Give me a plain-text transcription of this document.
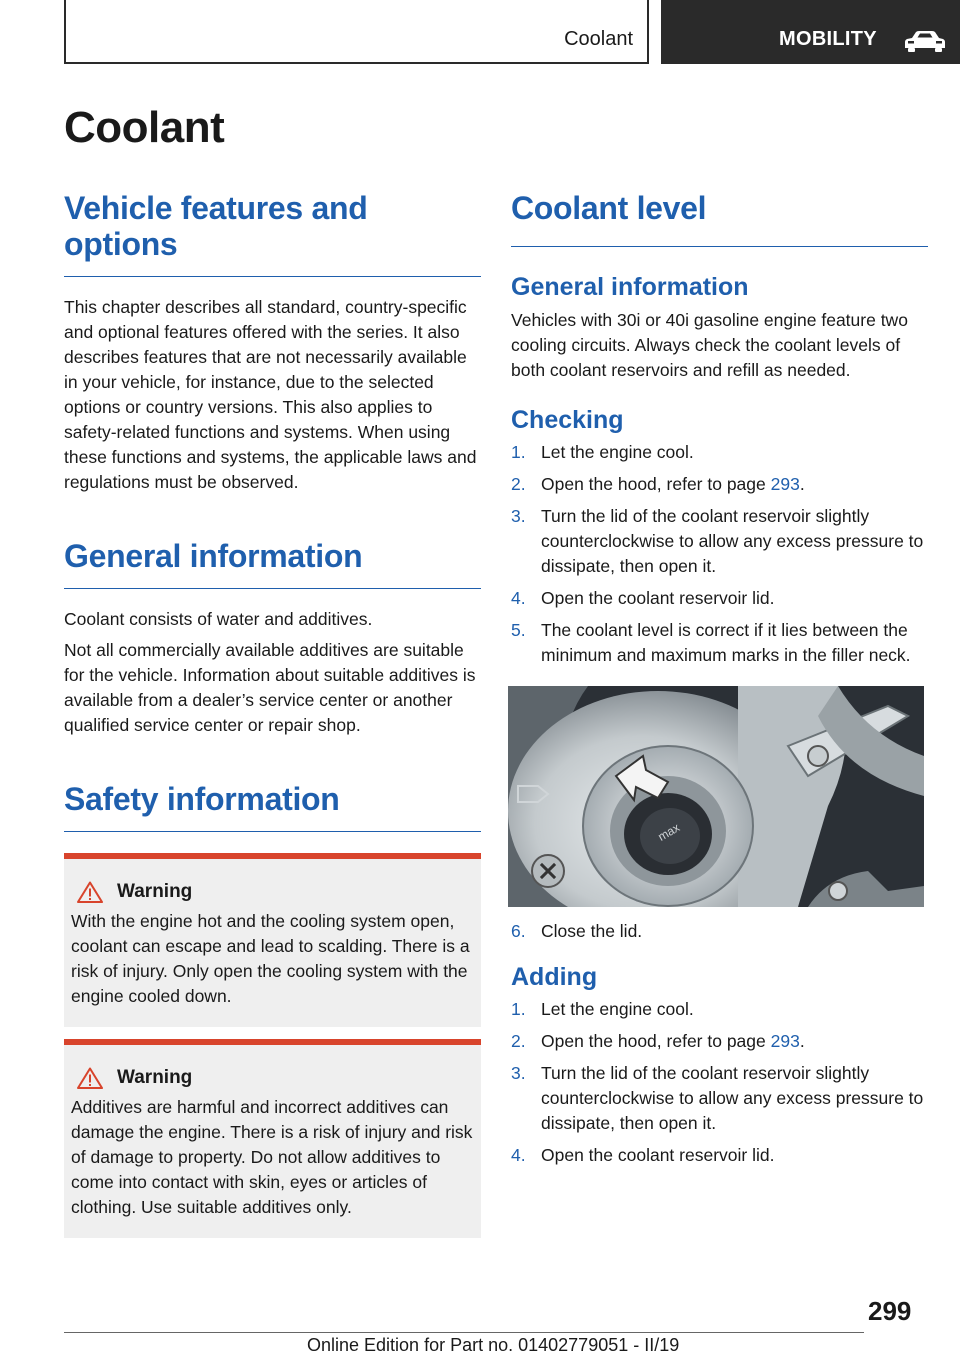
Coolant	MOBILITY
Coolant
Vehicle features and
options

This chapter describes all standard, country-specific and optional features offered with the series. It also describes features that are not necessarily available in your vehicle, for instance, due to the selected options or country versions. This also applies to safety-related functions and systems. When using these functions and systems, the applicable laws and regulations must be observed.

General information

Coolant consists of water and additives.

Not all commercially available additives are suitable for the vehicle. Information about suitable additives is available from a dealer’s service center or another qualified service center or repair shop.

Safety information
Warning

With the engine hot and the cooling system open, coolant can escape and lead to scalding. There is a risk of injury. Only open the cooling system with the engine cooled down.

Warning

Additives are harmful and incorrect additives can damage the engine. There is a risk of injury and risk of damage to property. Do not allow additives to come into contact with skin, eyes or articles of clothing. Use suitable additives only.

Coolant level
General information

Vehicles with 30i or 40i gasoline engine feature two cooling circuits. Always check the coolant levels of both coolant reservoirs and refill as needed.

Checking
1. Let the engine cool.
2. Open the hood, refer to page 293.
3. Turn the lid of the coolant reservoir slightly counterclockwise to allow any excess pressure to dissipate, then open it.
4. Open the coolant reservoir lid.
5. The coolant level is correct if it lies between the minimum and maximum marks in the filler neck.
max
6. Close the lid.
Adding
1. Let the engine cool.
2. Open the hood, refer to page 293.
3. Turn the lid of the coolant reservoir slightly counterclockwise to allow any excess pressure to dissipate, then open it.
4. Open the coolant reservoir lid.
299
Online Edition for Part no. 01402779051 - II/19
